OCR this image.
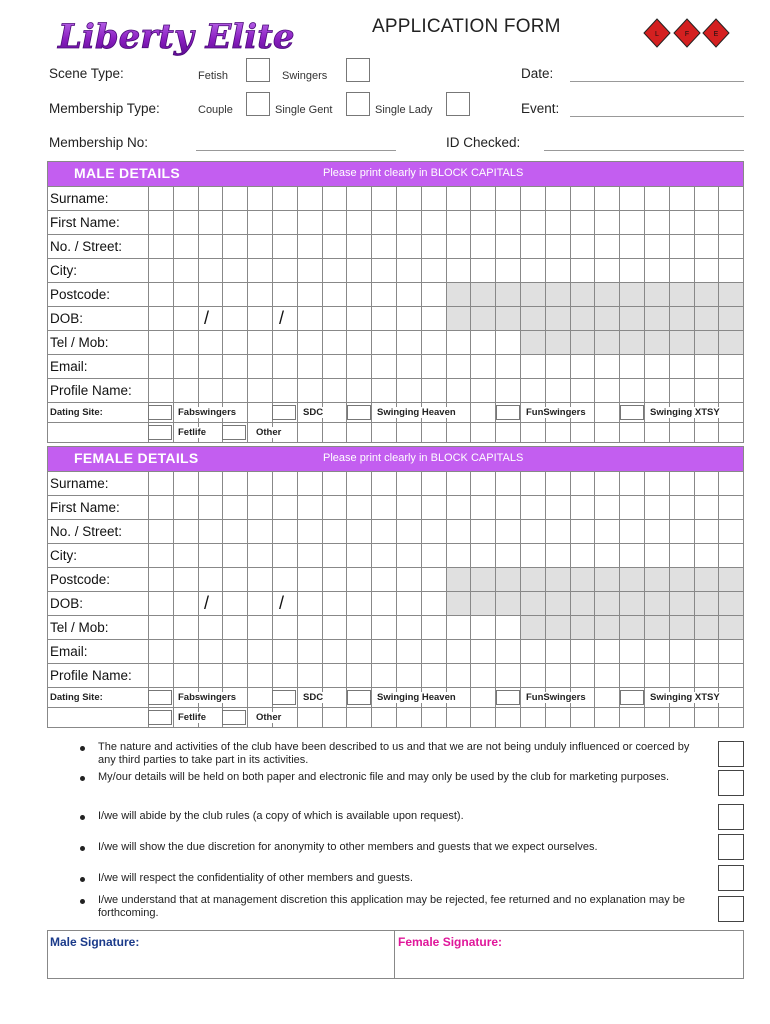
Liberty Elite	APPLICATION FORM	L	F	E
Scene Type:	Fetish	Swingers	Date:
Membership Type:	Couple	Single Gent	Single Lady	Event:
Membership No:	ID Checked:
MALE DETAILS	Please print clearly in BLOCK CAPITALS
Surname:
First Name:
No. / Street:
City:
Postcode:
DOB:	/	/
Tel / Mob:
Email:
Profile Name:
Dating Site:	Fabswingers	SDC	Swinging Heaven	FunSwingers	Swinging XTSY
Fetlife	Other
FEMALE DETAILS	Please print clearly in BLOCK CAPITALS
Surname:
First Name:
No. / Street:
City:
Postcode:
DOB:	/	/
Tel / Mob:
Email:
Profile Name:
Dating Site:	Fabswingers	SDC	Swinging Heaven	FunSwingers	Swinging XTSY
Fetlife	Other
The nature and activities of the club have been described to us and that we are not being unduly influenced or coerced by any third parties to take part in its activities.
My/our details will be held on both paper and electronic file and may only be used by the club for marketing purposes.
I/we will abide by the club rules (a copy of which is available upon request).
I/we will show the due discretion for anonymity to other members and guests that we expect ourselves.
I/we will respect the confidentiality of other members and guests.
I/we understand that at management discretion this application may be rejected, fee returned and no explanation may be forthcoming.
Male Signature:	Female Signature:
